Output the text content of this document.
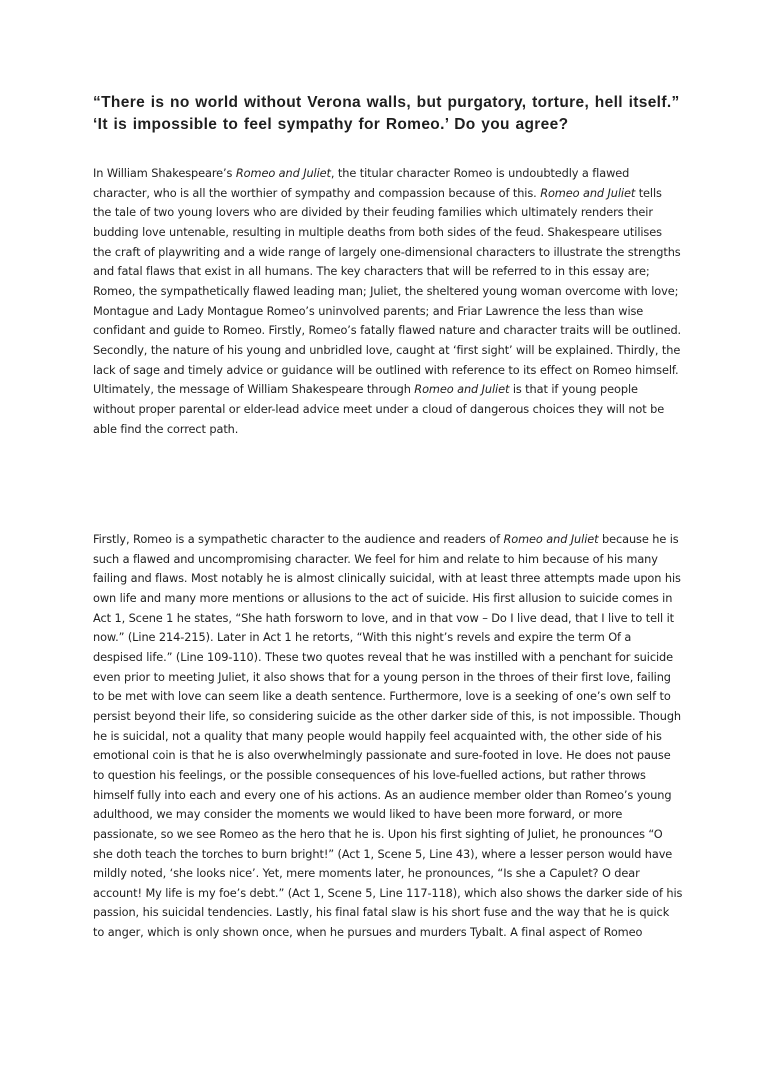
“There is no world without Verona walls, but purgatory, torture, hell itself.” ‘It is impossible to feel sympathy for Romeo.’ Do you agree?

In William Shakespeare’s Romeo and Juliet, the titular character Romeo is undoubtedly a flawed character, who is all the worthier of sympathy and compassion because of this. Romeo and Juliet tells the tale of two young lovers who are divided by their feuding families which ultimately renders their budding love untenable, resulting in multiple deaths from both sides of the feud. Shakespeare utilises the craft of playwriting and a wide range of largely one-dimensional characters to illustrate the strengths and fatal flaws that exist in all humans. The key characters that will be referred to in this essay are; Romeo, the sympathetically flawed leading man; Juliet, the sheltered young woman overcome with love; Montague and Lady Montague Romeo’s uninvolved parents; and Friar Lawrence the less than wise confidant and guide to Romeo. Firstly, Romeo’s fatally flawed nature and character traits will be outlined. Secondly, the nature of his young and unbridled love, caught at ‘first sight’ will be explained. Thirdly, the lack of sage and timely advice or guidance will be outlined with reference to its effect on Romeo himself. Ultimately, the message of William Shakespeare through Romeo and Juliet is that if young people without proper parental or elder-lead advice meet under a cloud of dangerous choices they will not be able find the correct path.

Firstly, Romeo is a sympathetic character to the audience and readers of Romeo and Juliet because he is such a flawed and uncompromising character. We feel for him and relate to him because of his many failing and flaws. Most notably he is almost clinically suicidal, with at least three attempts made upon his own life and many more mentions or allusions to the act of suicide. His first allusion to suicide comes in Act 1, Scene 1 he states, “She hath forsworn to love, and in that vow – Do I live dead, that I live to tell it now.” (Line 214-215). Later in Act 1 he retorts, “With this night’s revels and expire the term Of a despised life.” (Line 109-110). These two quotes reveal that he was instilled with a penchant for suicide even prior to meeting Juliet, it also shows that for a young person in the throes of their first love, failing to be met with love can seem like a death sentence. Furthermore, love is a seeking of one’s own self to persist beyond their life, so considering suicide as the other darker side of this, is not impossible. Though he is suicidal, not a quality that many people would happily feel acquainted with, the other side of his emotional coin is that he is also overwhelmingly passionate and sure-footed in love. He does not pause to question his feelings, or the possible consequences of his love-fuelled actions, but rather throws himself fully into each and every one of his actions. As an audience member older than Romeo’s young adulthood, we may consider the moments we would liked to have been more forward, or more passionate, so we see Romeo as the hero that he is. Upon his first sighting of Juliet, he pronounces “O she doth teach the torches to burn bright!” (Act 1, Scene 5, Line 43), where a lesser person would have mildly noted, ‘she looks nice’. Yet, mere moments later, he pronounces, “Is she a Capulet? O dear account! My life is my foe’s debt.” (Act 1, Scene 5, Line 117-118), which also shows the darker side of his passion, his suicidal tendencies. Lastly, his final fatal slaw is his short fuse and the way that he is quick to anger, which is only shown once, when he pursues and murders Tybalt. A final aspect of Romeo
